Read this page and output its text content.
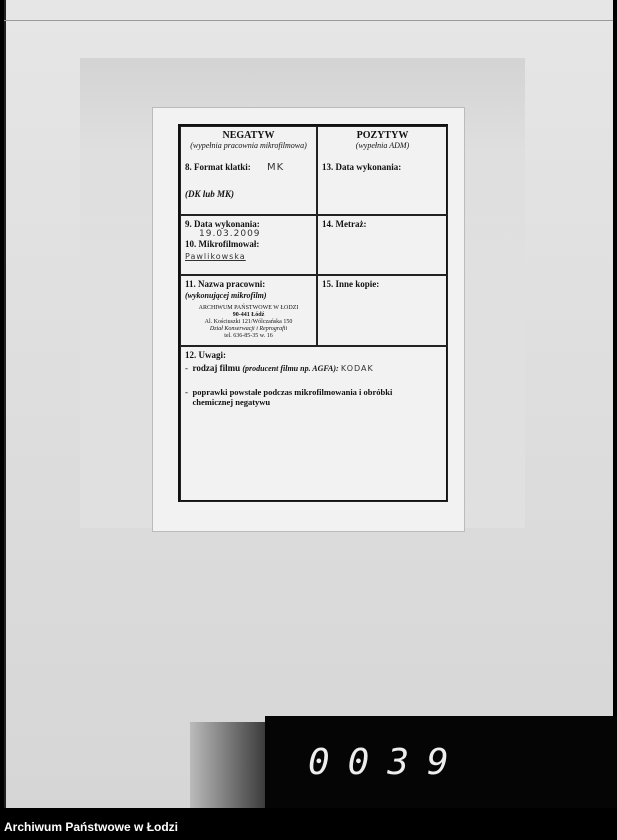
NEGATYW
(wypełnia pracownia mikrofilmowa)
8. Format klatki: MK
(DK lub MK)
POZYTYW
(wypełnia ADM)
13. Data wykonania:
9. Data wykonania:
19.03.2009
10. Mikrofilmował:
Pawlikowska
14. Metraż:
11. Nazwa pracowni:
(wykonującej mikrofilm)
ARCHIWUM PAŃSTWOWE W ŁODZI
90-441 Łódź
Al. Kościuszki 121/Wólczańska 150
Dział Konserwacji i Reprografii
tel. 636-85-35 w. 16
15. Inne kopie:
12. Uwagi:
-  rodzaj filmu (producent filmu np. AGFA): KODAK
- poprawki powstałe podczas mikrofilmowania i obróbki chemicznej negatywu
0039
Archiwum Państwowe w Łodzi
